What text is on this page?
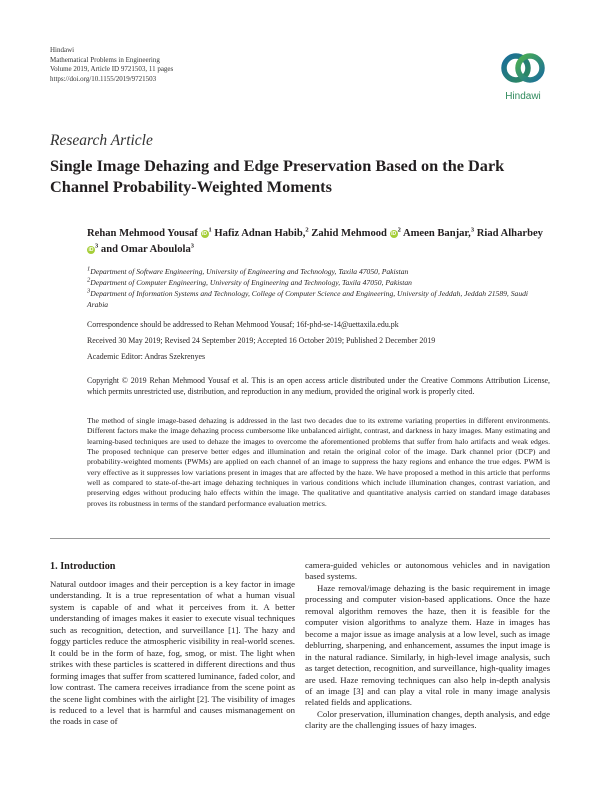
Hindawi
Mathematical Problems in Engineering
Volume 2019, Article ID 9721503, 11 pages
https://doi.org/10.1155/2019/9721503
Hindawi
Research Article
Single Image Dehazing and Edge Preservation Based on the Dark Channel Probability-Weighted Moments
Rehan Mehmood Yousaf $iD^1$ Hafiz Adnan Habib,$^2$ Zahid Mehmood $iD^2$ Ameen Banjar,$^3$ Riad Alharbey $iD^3$ and Omar Aboulola$^3$
$^1$Department of Software Engineering, University of Engineering and Technology, Taxila 47050, Pakistan
$^2$Department of Computer Engineering, University of Engineering and Technology, Taxila 47050, Pakistan
$^3$Department of Information Systems and Technology, College of Computer Science and Engineering, University of Jeddah, Jeddah 21589, Saudi Arabia
Correspondence should be addressed to Rehan Mehmood Yousaf; 16f-phd-se-14@uettaxila.edu.pk
Received 30 May 2019; Revised 24 September 2019; Accepted 16 October 2019; Published 2 December 2019
Academic Editor: Andras Szekrenyes
Copyright © 2019 Rehan Mehmood Yousaf et al. This is an open access article distributed under the Creative Commons Attribution License, which permits unrestricted use, distribution, and reproduction in any medium, provided the original work is properly cited.
The method of single image-based dehazing is addressed in the last two decades due to its extreme variating properties in different environments. Different factors make the image dehazing process cumbersome like unbalanced airlight, contrast, and darkness in hazy images. Many estimating and learning-based techniques are used to dehaze the images to overcome the aforementioned problems that suffer from halo artifacts and weak edges. The proposed technique can preserve better edges and illumination and retain the original color of the image. Dark channel prior (DCP) and probability-weighted moments (PWMs) are applied on each channel of an image to suppress the hazy regions and enhance the true edges. PWM is very effective as it suppresses low variations present in images that are affected by the haze. We have proposed a method in this article that performs well as compared to state-of-the-art image dehazing techniques in various conditions which include illumination changes, contrast variation, and preserving edges without producing halo effects within the image. The qualitative and quantitative analysis carried on standard image databases proves its robustness in terms of the standard performance evaluation metrics.
1. Introduction

Natural outdoor images and their perception is a key factor in image understanding. It is a true representation of what a human visual system is capable of and what it perceives from it. A better understanding of images makes it easier to execute visual techniques such as recognition, detection, and surveillance [1]. The hazy and foggy particles reduce the atmospheric visibility in real-world scenes. It could be in the form of haze, fog, smog, or mist. The light when strikes with these particles is scattered in different directions and thus forming images that suffer from scattered luminance, faded color, and low contrast. The camera receives irradiance from the scene point as the scene light combines with the airlight [2]. The visibility of images is reduced to a level that is harmful and causes mismanagement on the roads in case of

camera-guided vehicles or autonomous vehicles and in navigation based systems.

Haze removal/image dehazing is the basic requirement in image processing and computer vision-based applications. Once the haze removal algorithm removes the haze, then it is feasible for the computer vision algorithms to analyze them. Haze in images has become a major issue as image analysis at a low level, such as image deblurring, sharpening, and enhancement, assumes the input image is in the natural radiance. Similarly, in high-level image analysis, such as target detection, recognition, and surveillance, high-quality images are used. Haze removing techniques can also help in-depth analysis of an image [3] and can play a vital role in many image analysis related fields and applications.

Color preservation, illumination changes, depth analysis, and edge clarity are the challenging issues of hazy images.
